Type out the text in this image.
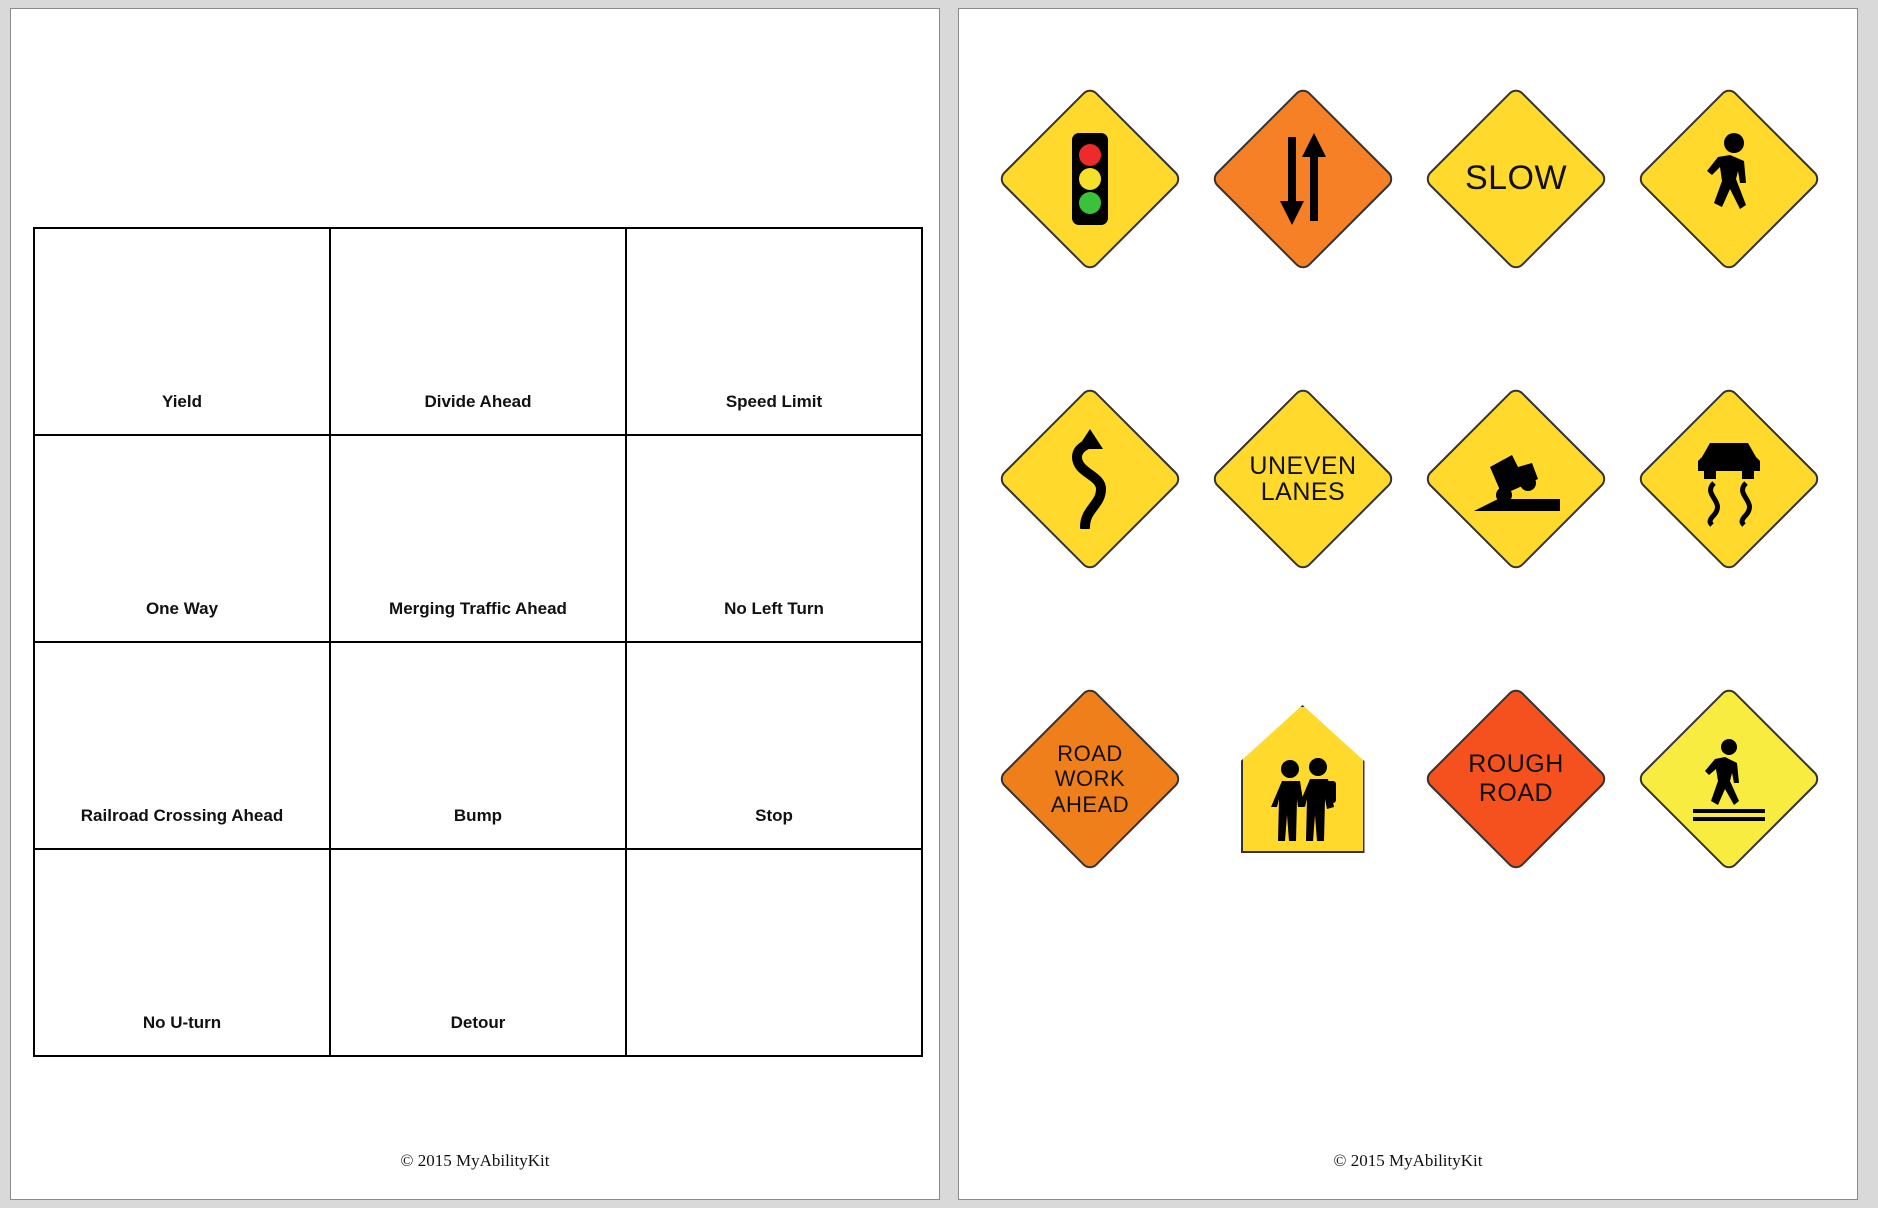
Yield	Divide Ahead	Speed Limit
One Way	Merging Traffic Ahead	No Left Turn
Railroad Crossing Ahead	Bump	Stop
No U-turn	Detour	
© 2015 MyAbilityKit
SLOW
UNEVEN
LANES
ROAD
WORK
AHEAD
ROUGH
ROAD
© 2015 MyAbilityKit
